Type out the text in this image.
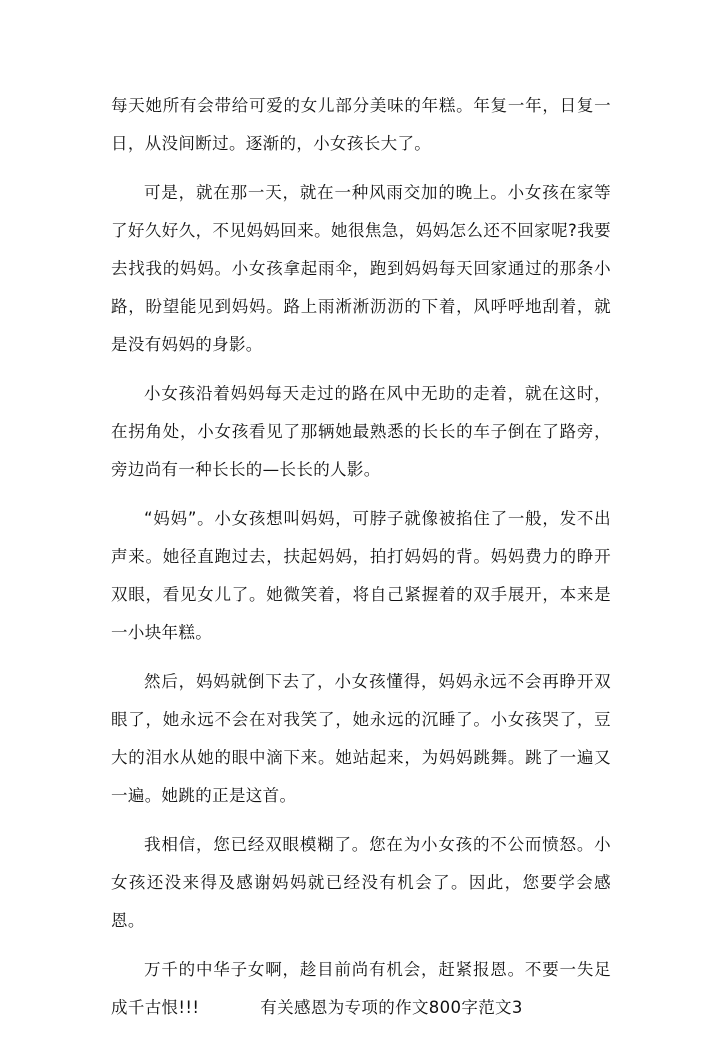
每天她所有会带给可爱的女儿部分美味的年糕。年复一年，日复一日，从没间断过。逐渐的，小女孩长大了。

可是，就在那一天，就在一种风雨交加的晚上。小女孩在家等了好久好久，不见妈妈回来。她很焦急，妈妈怎么还不回家呢?我要去找我的妈妈。小女孩拿起雨伞，跑到妈妈每天回家通过的那条小路，盼望能见到妈妈。路上雨淅淅沥沥的下着，风呼呼地刮着，就是没有妈妈的身影。

小女孩沿着妈妈每天走过的路在风中无助的走着，就在这时，在拐角处，小女孩看见了那辆她最熟悉的长长的车子倒在了路旁，旁边尚有一种长长的—长长的人影。

“妈妈”。小女孩想叫妈妈，可脖子就像被掐住了一般，发不出声来。她径直跑过去，扶起妈妈，拍打妈妈的背。妈妈费力的睁开双眼，看见女儿了。她微笑着，将自己紧握着的双手展开，本来是一小块年糕。

然后，妈妈就倒下去了，小女孩懂得，妈妈永远不会再睁开双眼了，她永远不会在对我笑了，她永远的沉睡了。小女孩哭了，豆大的泪水从她的眼中滴下来。她站起来，为妈妈跳舞。跳了一遍又一遍。她跳的正是这首。

我相信，您已经双眼模糊了。您在为小女孩的不公而愤怒。小女孩还没来得及感谢妈妈就已经没有机会了。因此，您要学会感恩。

万千的中华子女啊，趁目前尚有机会，赶紧报恩。不要一失足成千古恨!!!	有关感恩为专项的作文800字范文3
